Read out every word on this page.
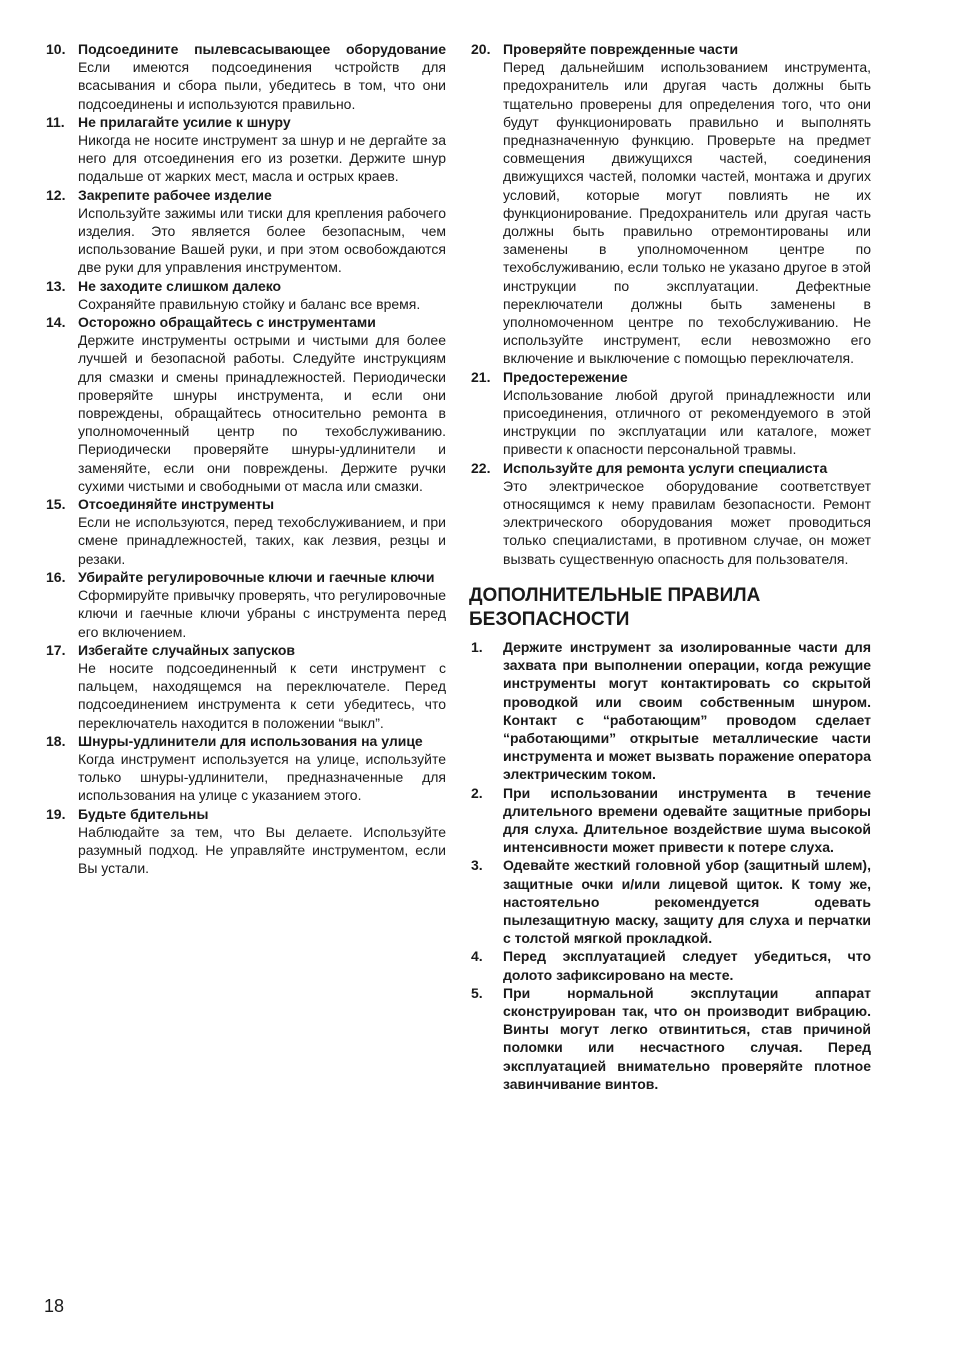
10. Подсоедините пылевсасывающее оборудование
Если имеются подсоединения чстройств для всасывания и сбора пыли, убедитесь в том, что они подсоединены и используются правильно.
11. Не прилагайте усилие к шнуру
Никогда не носите инструмент за шнур и не дергайте за него для отсоединения его из розетки. Держите шнур подальше от жарких мест, масла и острых краев.
12. Закрепите рабочее изделие
Используйте зажимы или тиски для крепления рабочего изделия. Это является более безопасным, чем использование Вашей руки, и при этом освобождаются две руки для управления инструментом.
13. Не заходите слишком далеко
Сохраняйте правильную стойку и баланс все время.
14. Осторожно обращайтесь с инструментами
Держите инструменты острыми и чистыми для более лучшей и безопасной работы. Следуйте инструкциям для смазки и смены принадлежностей. Периодически проверяйте шнуры инструмента, и если они повреждены, обращайтесь относительно ремонта в уполномоченный центр по техобслуживанию. Периодически проверяйте шнуры-удлинители и заменяйте, если они повреждены. Держите ручки сухими чистыми и свободными от масла или смазки.
15. Отсоединяйте инструменты
Если не используются, перед техобслуживанием, и при смене принадлежностей, таких, как лезвия, резцы и резаки.
16. Убирайте регулировочные ключи и гаечные ключи
Сформируйте привычку проверять, что регулировочные ключи и гаечные ключи убраны с инструмента перед его включением.
17. Избегайте случайных запусков
Не носите подсоединенный к сети инструмент с пальцем, находящемся на переключателе. Перед подсоединением инструмента к сети убедитесь, что переключатель находится в положении “выкл”.
18. Шнуры-удлинители для использования на улице
Когда инструмент используется на улице, используйте только шнуры-удлинители, предназначенные для использования на улице с указанием этого.
19. Будьте бдительны
Наблюдайте за тем, что Вы делаете. Используйте разумный подход. Не управляйте инструментом, если Вы устали.
20. Проверяйте поврежденные части
Перед дальнейшим использованием инструмента, предохранитель или другая часть должны быть тщательно проверены для определения того, что они будут функционировать правильно и выполнять предназначенную функцию. Проверьте на предмет совмещения движущихся частей, соединения движущихся частей, поломки частей, монтажа и других условий, которые могут повлиять не их функционирование. Предохранитель или другая часть должны быть правильно отремонтированы или заменены в уполномоченном центре по техобслуживанию, если только не указано другое в этой инструкции по эксплуатации. Дефектные переключатели должны быть заменены в уполномоченном центре по техобслуживанию. Не используйте инструмент, если невозможно его включение и выключение с помощью переключателя.
21. Предостережение
Использование любой другой принадлежности или присоединения, отличного от рекомендуемого в этой инструкции по эксплуатации или каталоге, может привести к опасности персональной травмы.
22. Используйте для ремонта услуги специалиста
Это электрическое оборудование соответствует относящимся к нему правилам безопасности. Ремонт электрического оборудования может проводиться только специалистами, в противном случае, он может вызвать существенную опасность для пользователя.
ДОПОЛНИТЕЛЬНЫЕ ПРАВИЛА
БЕЗОПАСНОСТИ
1. Держите инструмент за изолированные части для захвата при выполнении операции, когда режущие инструменты могут контактировать со скрытой проводкой или своим собственным шнуром. Контакт с “работающим” проводом сделает “работающими” открытые металлические части инструмента и может вызвать поражение оператора электрическим током.
2. При использовании инструмента в течение длительного времени одевайте защитные приборы для слуха. Длительное воздействие шума высокой интенсивности может привести к потере слуха.
3. Одевайте жесткий головной убор (защитный шлем), защитные очки и/или лицевой щиток. К тому же, настоятельно рекомендуется одевать пылезащитную маску, защиту для слуха и перчатки с толстой мягкой прокладкой.
4. Перед эксплуатацией следует убедиться, что долото зафиксировано на месте.
5. При нормальной эксплутации аппарат сконструирован так, что он производит вибрацию. Винты могут легко отвинтиться, став причиной поломки или несчастного случая. Перед эксплуатацией внимательно проверяйте плотное завинчивание винтов.
18
